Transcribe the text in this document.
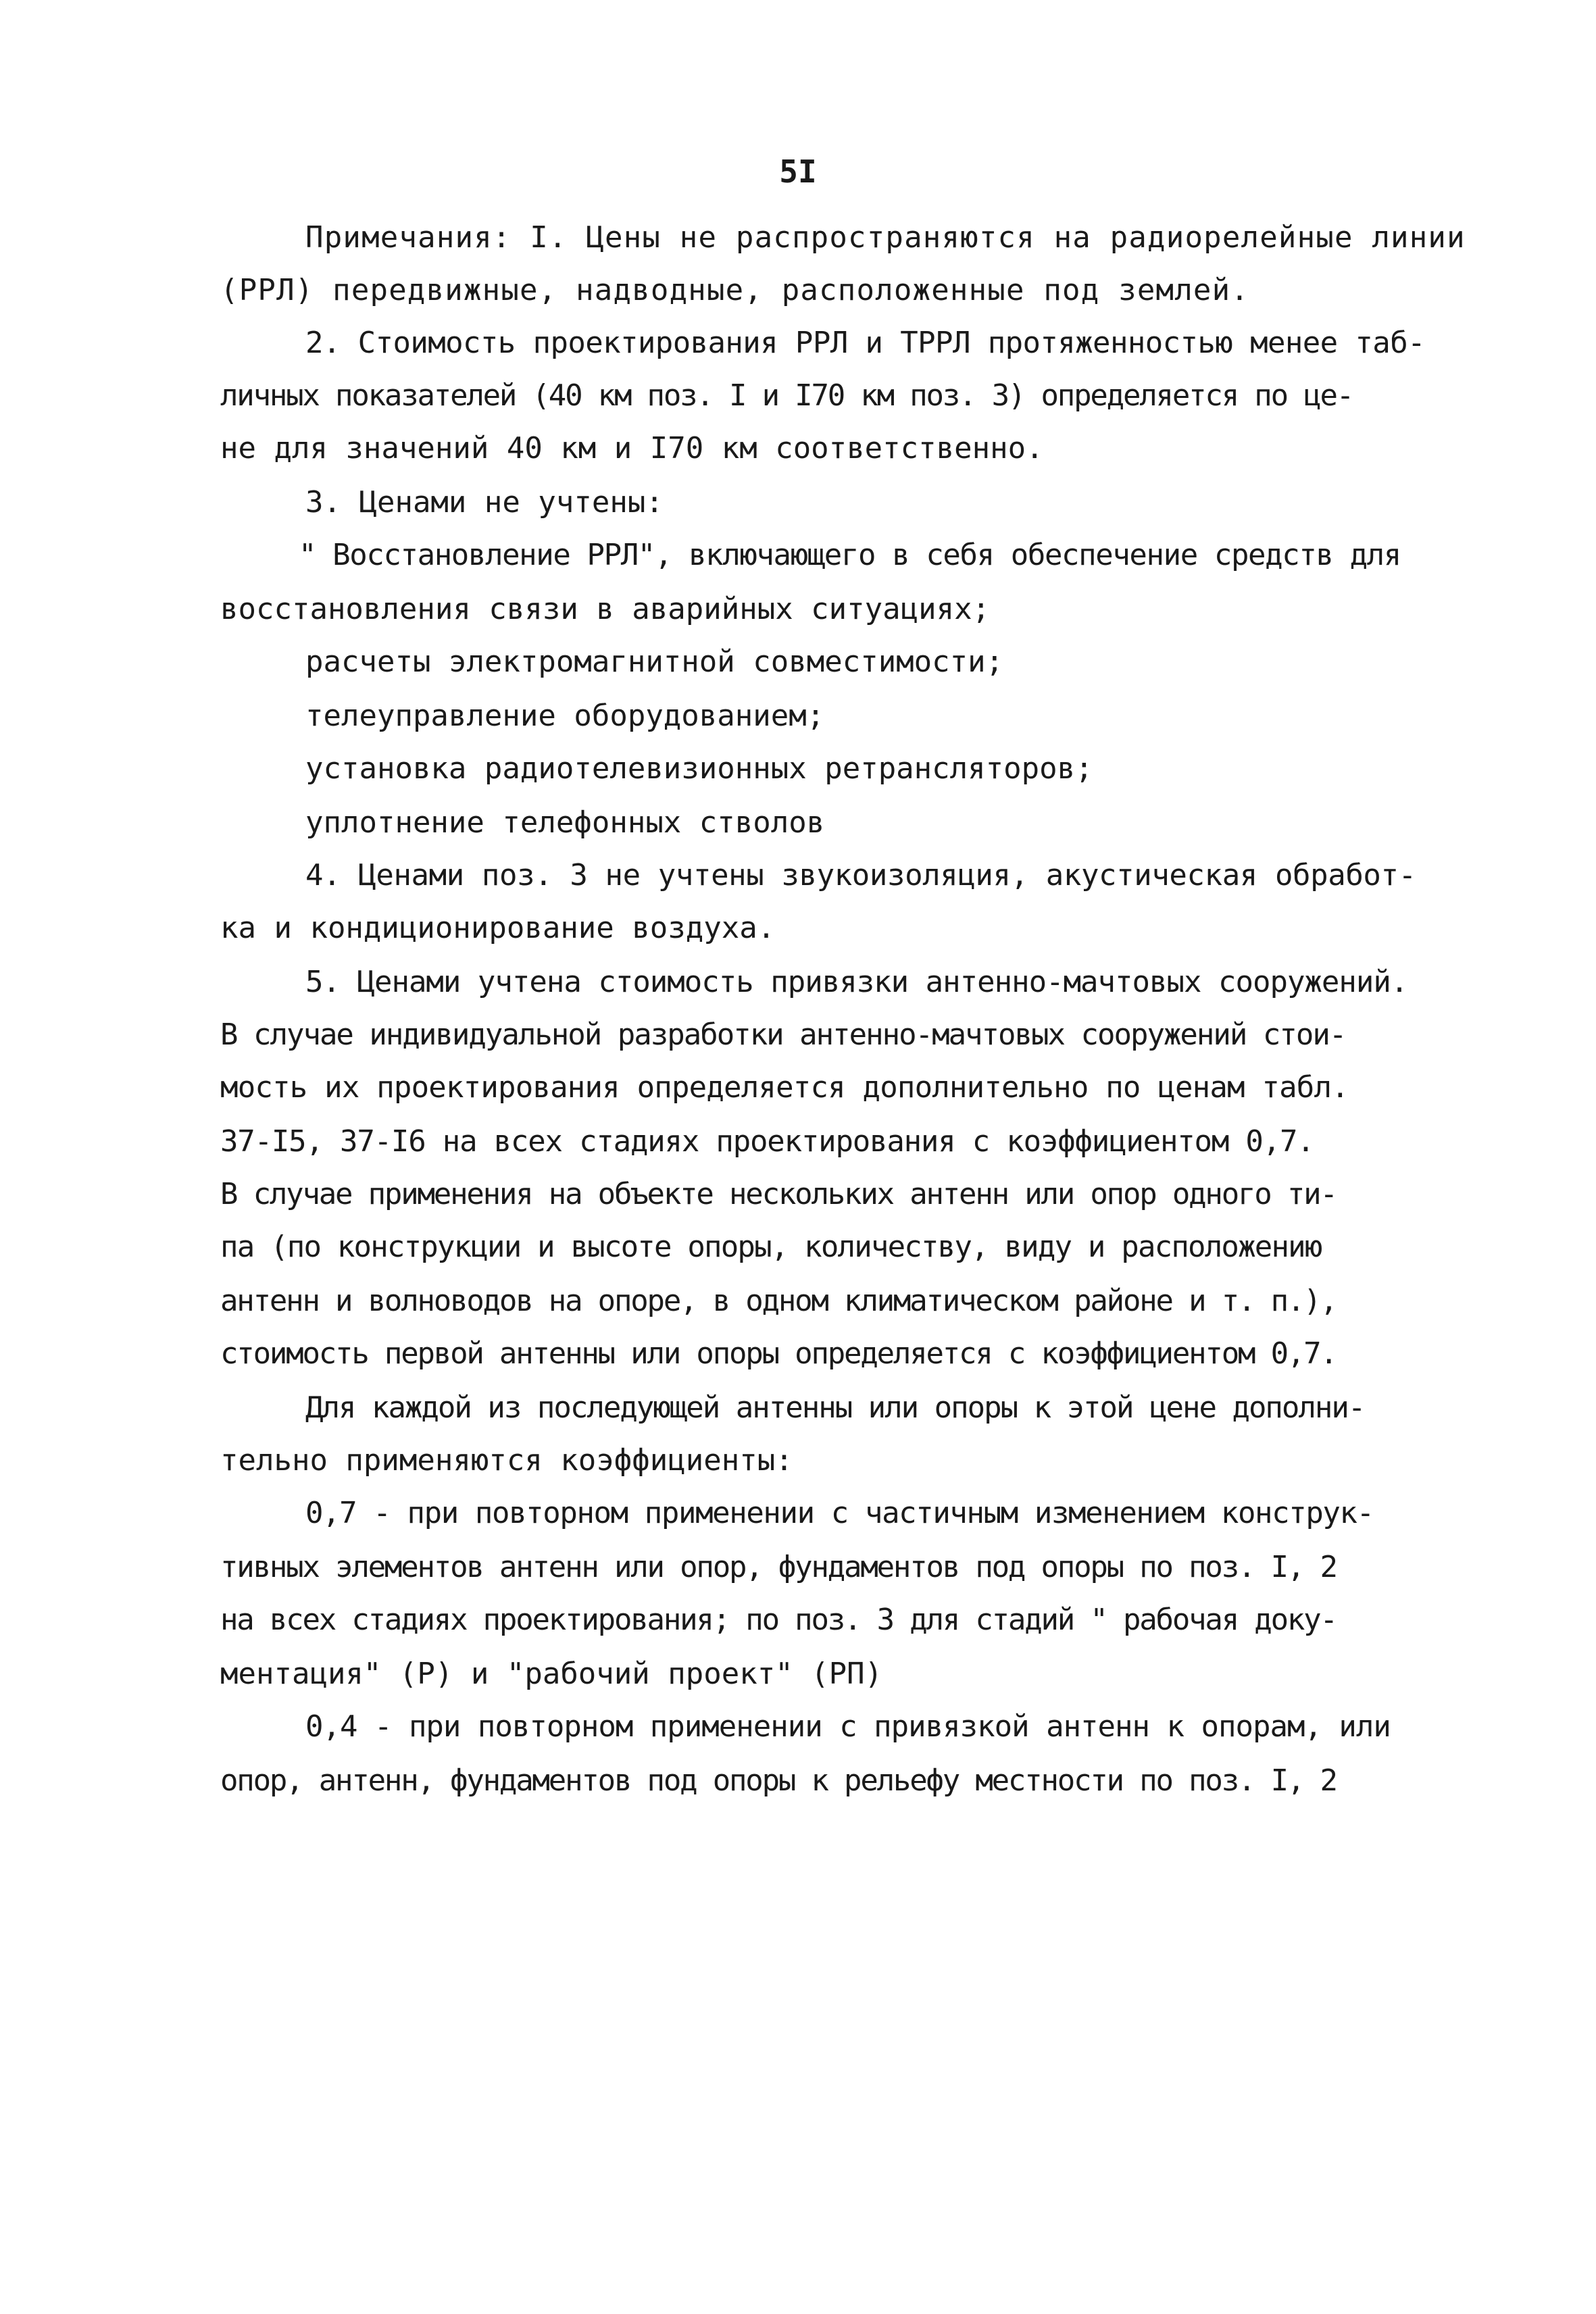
5I
Примечания: I. Цены не распространяются на радиорелейные линии
(РРЛ) передвижные, надводные, расположенные под землей.
2. Стоимость проектирования РРЛ и ТРРЛ протяженностью менее таб-
личных показателей (40 км поз. I и I70 км поз. 3) определяется по це-
не для значений 40 км и I70 км соответственно.
3. Ценами не учтены:
" Восстановление РРЛ", включающего в себя обеспечение средств для
восстановления связи в аварийных ситуациях;
расчеты электромагнитной совместимости;
телеуправление оборудованием;
установка радиотелевизионных ретрансляторов;
уплотнение телефонных стволов
4. Ценами поз. 3 не учтены звукоизоляция, акустическая обработ-
ка и кондиционирование воздуха.
5. Ценами учтена стоимость привязки антенно-мачтовых сооружений.
В случае индивидуальной разработки антенно-мачтовых сооружений стои-
мость их проектирования определяется дополнительно по ценам табл.
37-I5, 37-I6 на всех стадиях проектирования с коэффициентом 0,7.
В случае применения на объекте нескольких антенн или опор одного ти-
па (по конструкции и высоте опоры, количеству, виду и расположению
антенн и волноводов на опоре, в одном климатическом районе и т. п.),
стоимость первой антенны или опоры определяется с коэффициентом 0,7.
Для каждой из последующей антенны или опоры к этой цене дополни-
тельно применяются коэффициенты:
0,7 - при повторном применении с частичным изменением конструк-
тивных элементов антенн или опор, фундаментов под опоры по поз. I, 2
на всех стадиях проектирования; по поз. 3 для стадий " рабочая доку-
ментация" (Р) и "рабочий проект" (РП)
0,4 - при повторном применении с привязкой антенн к опорам, или
опор, антенн, фундаментов под опоры к рельефу местности по поз. I, 2
